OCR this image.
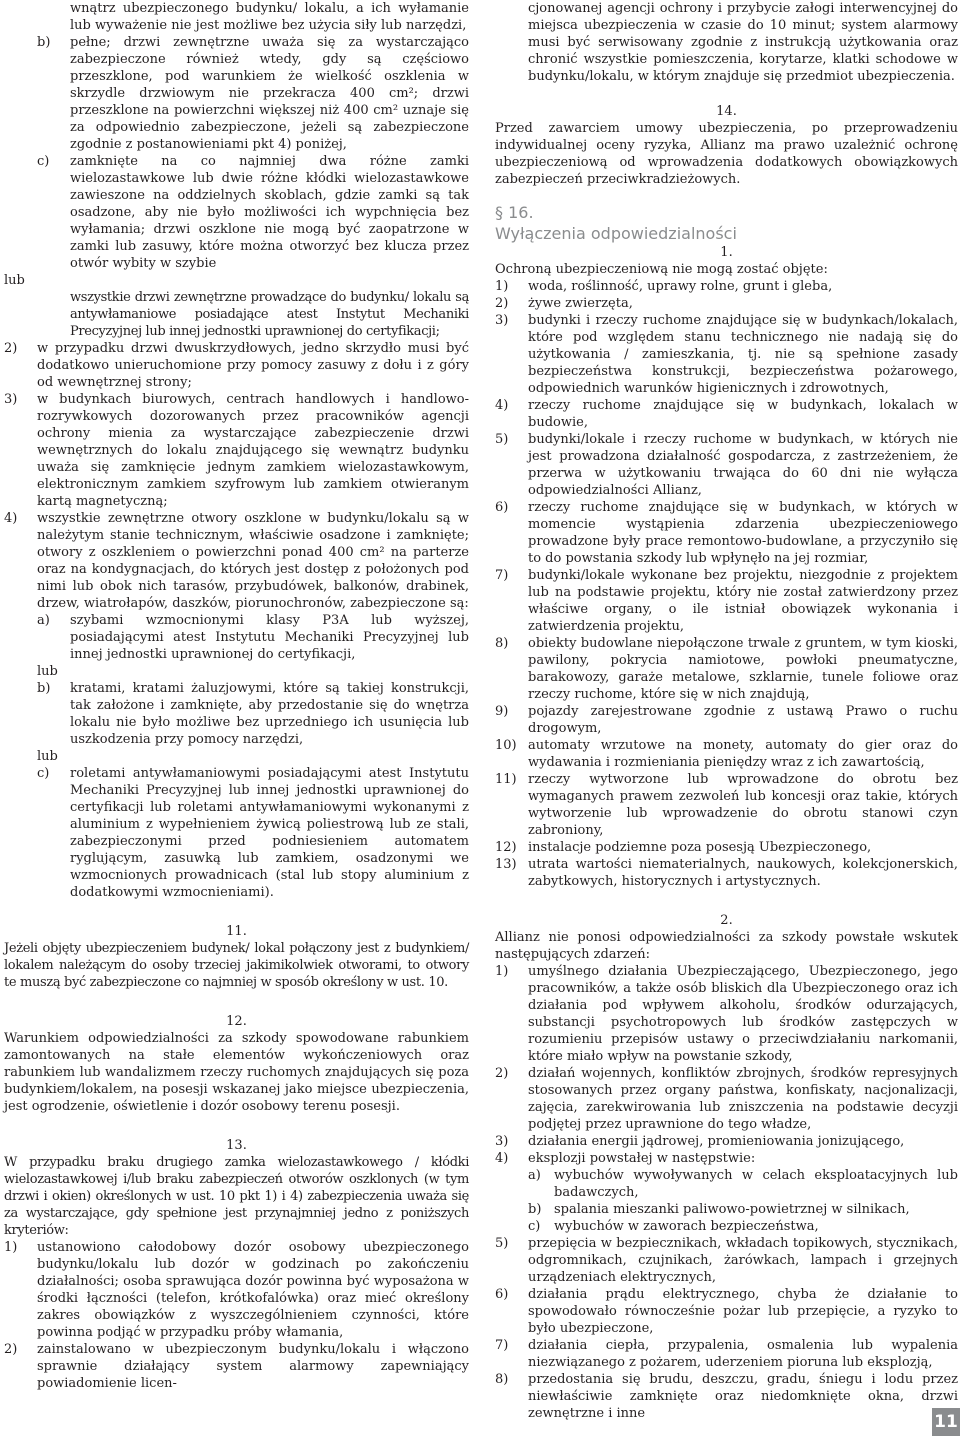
wnątrz ubezpieczonego budynku/ lokalu, a ich wyłamanie lub wyważenie nie jest możliwe bez użycia siły lub narzędzi,
b)	pełne; drzwi zewnętrzne uważa się za wystarczająco zabezpieczone również wtedy, gdy są częściowo przeszklone, pod warunkiem że wielkość oszklenia w skrzydle drzwiowym nie przekracza 400 cm²; drzwi przeszklone na powierzchni większej niż 400 cm² uznaje się za odpowiednio zabezpieczone, jeżeli są zabezpieczone zgodnie z postanowieniami pkt 4) poniżej,
c)	zamknięte na co najmniej dwa różne zamki wielozastawkowe lub dwie różne kłódki wielozastawkowe zawieszone na oddzielnych skoblach, gdzie zamki są tak osadzone, aby nie było możliwości ich wypchnięcia bez wyłamania; drzwi oszklone nie mogą być zaopatrzone w zamki lub zasuwy, które można otworzyć bez klucza przez otwór wybity w szybie
lub
wszystkie drzwi zewnętrzne prowadzące do budynku/ lokalu są antywłamaniowe posiadające atest Instytut Mechaniki Precyzyjnej lub innej jednostki uprawnionej do certyfikacji;
2)	w przypadku drzwi dwuskrzydłowych, jedno skrzydło musi być dodatkowo unieruchomione przy pomocy zasuwy z dołu i z góry od wewnętrznej strony;
3)	w budynkach biurowych, centrach handlowych i handlowo-rozrywkowych dozorowanych przez pracowników agencji ochrony mienia za wystarczające zabezpieczenie drzwi wewnętrznych do lokalu znajdującego się wewnątrz budynku uważa się zamknięcie jednym zamkiem wielozastawkowym, elektronicznym zamkiem szyfrowym lub zamkiem otwieranym kartą magnetyczną;
4)	wszystkie zewnętrzne otwory oszklone w budynku/lokalu są w należytym stanie technicznym, właściwie osadzone i zamknięte; otwory z oszkleniem o powierzchni ponad 400 cm² na parterze oraz na kondygnacjach, do których jest dostęp z położonych pod nimi lub obok nich tarasów, przybudówek, balkonów, drabinek, drzew, wiatrołapów, daszków, piorunochronów, zabezpieczone są:
a)	szybami wzmocnionymi klasy P3A lub wyższej, posiadającymi atest Instytutu Mechaniki Precyzyjnej lub innej jednostki uprawnionej do certyfikacji,
lub
b)	kratami, kratami żaluzjowymi, które są takiej konstrukcji, tak założone i zamknięte, aby przedostanie się do wnętrza lokalu nie było możliwe bez uprzedniego ich usunięcia lub uszkodzenia przy pomocy narzędzi,
lub
c)	roletami antywłamaniowymi posiadającymi atest Instytutu Mechaniki Precyzyjnej lub innej jednostki uprawnionej do certyfikacji lub roletami antywłamaniowymi wykonanymi z aluminium z wypełnieniem żywicą poliestrową lub ze stali, zabezpieczonymi przed podniesieniem automatem ryglującym, zasuwką lub zamkiem, osadzonymi we wzmocnionych prowadnicach (stal lub stopy aluminium z dodatkowymi wzmocnieniami).
11.
Jeżeli objęty ubezpieczeniem budynek/ lokal połączony jest z budynkiem/ lokalem należącym do osoby trzeciej jakimikolwiek otworami, to otwory te muszą być zabezpieczone co najmniej w sposób określony w ust. 10.
12.
Warunkiem odpowiedzialności za szkody spowodowane rabunkiem zamontowanych na stałe elementów wykończeniowych oraz rabunkiem lub wandalizmem rzeczy ruchomych znajdujących się poza budynkiem/lokalem, na posesji wskazanej jako miejsce ubezpieczenia, jest ogrodzenie, oświetlenie i dozór osobowy terenu posesji.
13.
W przypadku braku drugiego zamka wielozastawkowego / kłódki wielozastawkowej i/lub braku zabezpieczeń otworów oszklonych (w tym drzwi i okien) określonych w ust. 10 pkt 1) i 4) zabezpieczenia uważa się za wystarczające, gdy spełnione jest przynajmniej jedno z poniższych kryteriów:
1)	ustanowiono całodobowy dozór osobowy ubezpieczonego budynku/lokalu lub dozór w godzinach po zakończeniu działalności; osoba sprawująca dozór powinna być wyposażona w środki łączności (telefon, krótkofalówka) oraz mieć określony zakres obowiązków z wyszczególnieniem czynności, które powinna podjąć w przypadku próby włamania,
2)	zainstalowano w ubezpieczonym budynku/lokalu i włączono sprawnie działający system alarmowy zapewniający powiadomienie licen-
cjonowanej agencji ochrony i przybycie załogi interwencyjnej do miejsca ubezpieczenia w czasie do 10 minut; system alarmowy musi być serwisowany zgodnie z instrukcją użytkowania oraz chronić wszystkie pomieszczenia, korytarze, klatki schodowe w budynku/lokalu, w którym znajduje się przedmiot ubezpieczenia.
14.
Przed zawarciem umowy ubezpieczenia, po przeprowadzeniu indywidualnej oceny ryzyka, Allianz ma prawo uzależnić ochronę ubezpieczeniową od wprowadzenia dodatkowych obowiązkowych zabezpieczeń przeciwkradzieżowych.
§ 16.
Wyłączenia odpowiedzialności
1.
Ochroną ubezpieczeniową nie mogą zostać objęte:
1)	woda, roślinność, uprawy rolne, grunt i gleba,
2)	żywe zwierzęta,
3)	budynki i rzeczy ruchome znajdujące się w budynkach/lokalach, które pod względem stanu technicznego nie nadają się do użytkowania / zamieszkania, tj. nie są spełnione zasady bezpieczeństwa konstrukcji, bezpieczeństwa pożarowego, odpowiednich warunków higienicznych i zdrowotnych,
4)	rzeczy ruchome znajdujące się w budynkach, lokalach w budowie,
5)	budynki/lokale i rzeczy ruchome w budynkach, w których nie jest prowadzona działalność gospodarcza, z zastrzeżeniem, że przerwa w użytkowaniu trwająca do 60 dni nie wyłącza odpowiedzialności Allianz,
6)	rzeczy ruchome znajdujące się w budynkach, w których w momencie wystąpienia zdarzenia ubezpieczeniowego prowadzone były prace remontowo-budowlane, a przyczyniło się to do powstania szkody lub wpłynęło na jej rozmiar,
7)	budynki/lokale wykonane bez projektu, niezgodnie z projektem lub na podstawie projektu, który nie został zatwierdzony przez właściwe organy, o ile istniał obowiązek wykonania i zatwierdzenia projektu,
8)	obiekty budowlane niepołączone trwale z gruntem, w tym kioski, pawilony, pokrycia namiotowe, powłoki pneumatyczne, barakowozy, garaże metalowe, szklarnie, tunele foliowe oraz rzeczy ruchome, które się w nich znajdują,
9)	pojazdy zarejestrowane zgodnie z ustawą Prawo o ruchu drogowym,
10) automaty wrzutowe na monety, automaty do gier oraz do wydawania i rozmieniania pieniędzy wraz z ich zawartością,
11) rzeczy wytworzone lub wprowadzone do obrotu bez wymaganych prawem zezwoleń lub koncesji oraz takie, których wytworzenie lub wprowadzenie do obrotu stanowi czyn zabroniony,
12) instalacje podziemne poza posesją Ubezpieczonego,
13) utrata wartości niematerialnych, naukowych, kolekcjonerskich, zabytkowych, historycznych i artystycznych.
2.
Allianz nie ponosi odpowiedzialności za szkody powstałe wskutek następujących zdarzeń:
1)	umyślnego działania Ubezpieczającego, Ubezpieczonego, jego pracowników, a także osób bliskich dla Ubezpieczonego oraz ich działania pod wpływem alkoholu, środków odurzających, substancji psychotropowych lub środków zastępczych w rozumieniu przepisów ustawy o przeciwdziałaniu narkomanii, które miało wpływ na powstanie szkody,
2)	działań wojennych, konfliktów zbrojnych, środków represyjnych stosowanych przez organy państwa, konfiskaty, nacjonalizacji, zajęcia, zarekwirowania lub zniszczenia na podstawie decyzji podjętej przez uprawnione do tego władze,
3)	działania energii jądrowej, promieniowania jonizującego,
4)	eksplozji powstałej w następstwie:
a)	wybuchów wywoływanych w celach eksploatacyjnych lub badawczych,
b) spalania mieszanki paliwowo-powietrznej w silnikach,
c)	wybuchów w zaworach bezpieczeństwa,
5)	przepięcia w bezpiecznikach, wkładach topikowych, stycznikach, odgromnikach, czujnikach, żarówkach, lampach i grzejnych urządzeniach elektrycznych,
6)	działania prądu elektrycznego, chyba że działanie to spowodowało równocześnie pożar lub przepięcie, a ryzyko to było ubezpieczone,
7)	działania ciepła, przypalenia, osmalenia lub wypalenia niezwiązanego z pożarem, uderzeniem pioruna lub eksplozją,
8)	przedostania się brudu, deszczu, gradu, śniegu i lodu przez niewłaściwie zamknięte oraz niedomknięte okna, drzwi zewnętrzne i inne	11
